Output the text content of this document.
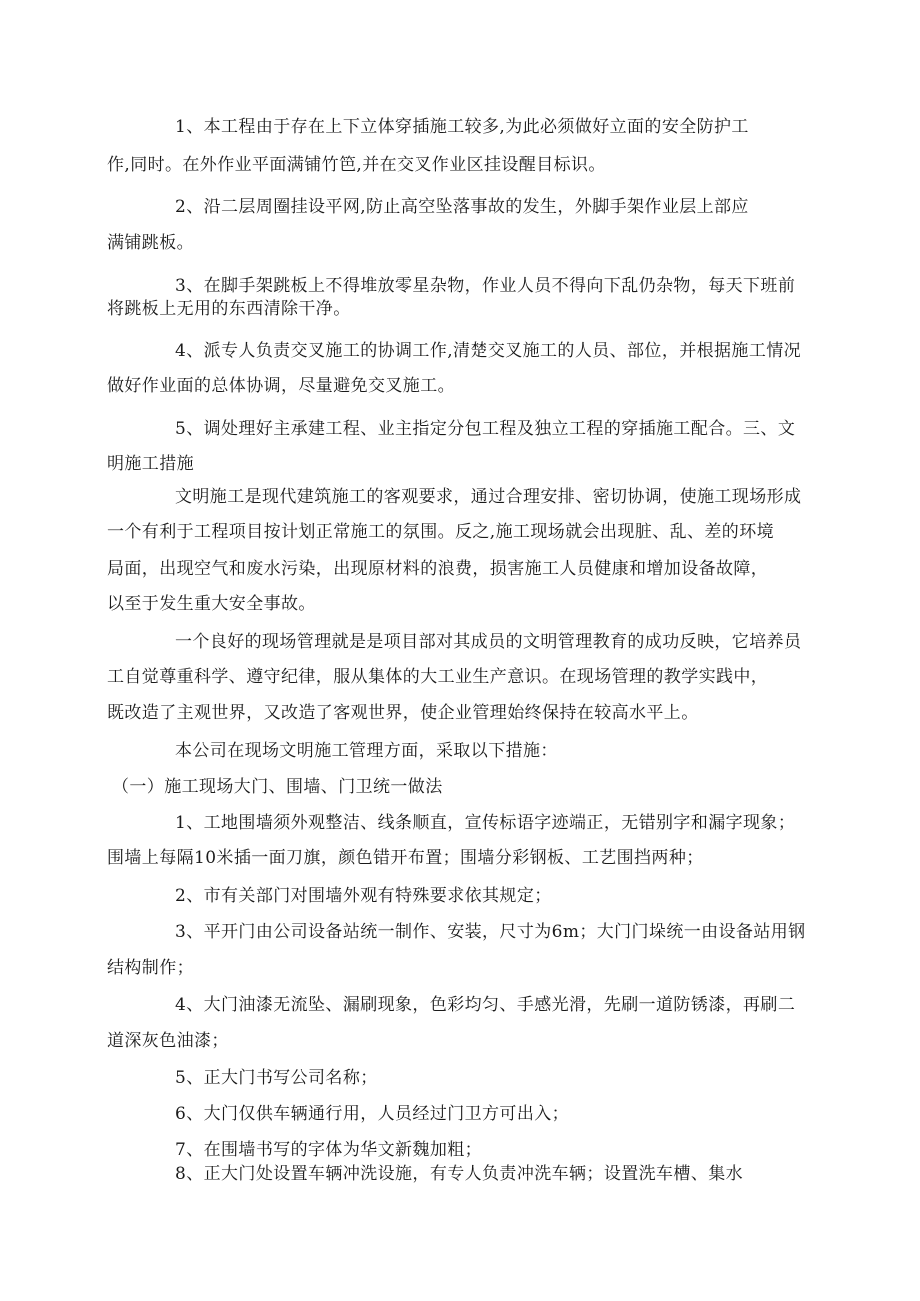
1、本工程由于存在上下立体穿插施工较多,为此必须做好立面的安全防护工
作,同时。在外作业平面满铺竹笆,并在交叉作业区挂设醒目标识。
2、沿二层周圈挂设平网,防止高空坠落事故的发生，外脚手架作业层上部应
满铺跳板。
3、在脚手架跳板上不得堆放零星杂物，作业人员不得向下乱仍杂物，每天下班前
将跳板上无用的东西清除干净。
4、派专人负责交叉施工的协调工作,清楚交叉施工的人员、部位，并根据施工情况
做好作业面的总体协调，尽量避免交叉施工。
5、调处理好主承建工程、业主指定分包工程及独立工程的穿插施工配合。三、文
明施工措施
文明施工是现代建筑施工的客观要求，通过合理安排、密切协调，使施工现场形成
一个有利于工程项目按计划正常施工的氛围。反之,施工现场就会出现脏、乱、差的环境
局面，出现空气和废水污染，出现原材料的浪费，损害施工人员健康和增加设备故障，
以至于发生重大安全事故。
一个良好的现场管理就是是项目部对其成员的文明管理教育的成功反映，它培养员
工自觉尊重科学、遵守纪律，服从集体的大工业生产意识。在现场管理的教学实践中，
既改造了主观世界，又改造了客观世界，使企业管理始终保持在较高水平上。
本公司在现场文明施工管理方面，采取以下措施：
（一）施工现场大门、围墙、门卫统一做法
1、工地围墙须外观整洁、线条顺直，宣传标语字迹端正，无错别字和漏字现象；
围墙上每隔10米插一面刀旗，颜色错开布置；围墙分彩钢板、工艺围挡两种；
2、市有关部门对围墙外观有特殊要求依其规定；
3、平开门由公司设备站统一制作、安装，尺寸为6m；大门门垛统一由设备站用钢
结构制作；
4、大门油漆无流坠、漏刷现象，色彩均匀、手感光滑，先刷一道防锈漆，再刷二
道深灰色油漆；
5、正大门书写公司名称；
6、大门仅供车辆通行用，人员经过门卫方可出入；
7、在围墙书写的字体为华文新魏加粗；
8、正大门处设置车辆冲洗设施，有专人负责冲洗车辆；设置洗车槽、集水
